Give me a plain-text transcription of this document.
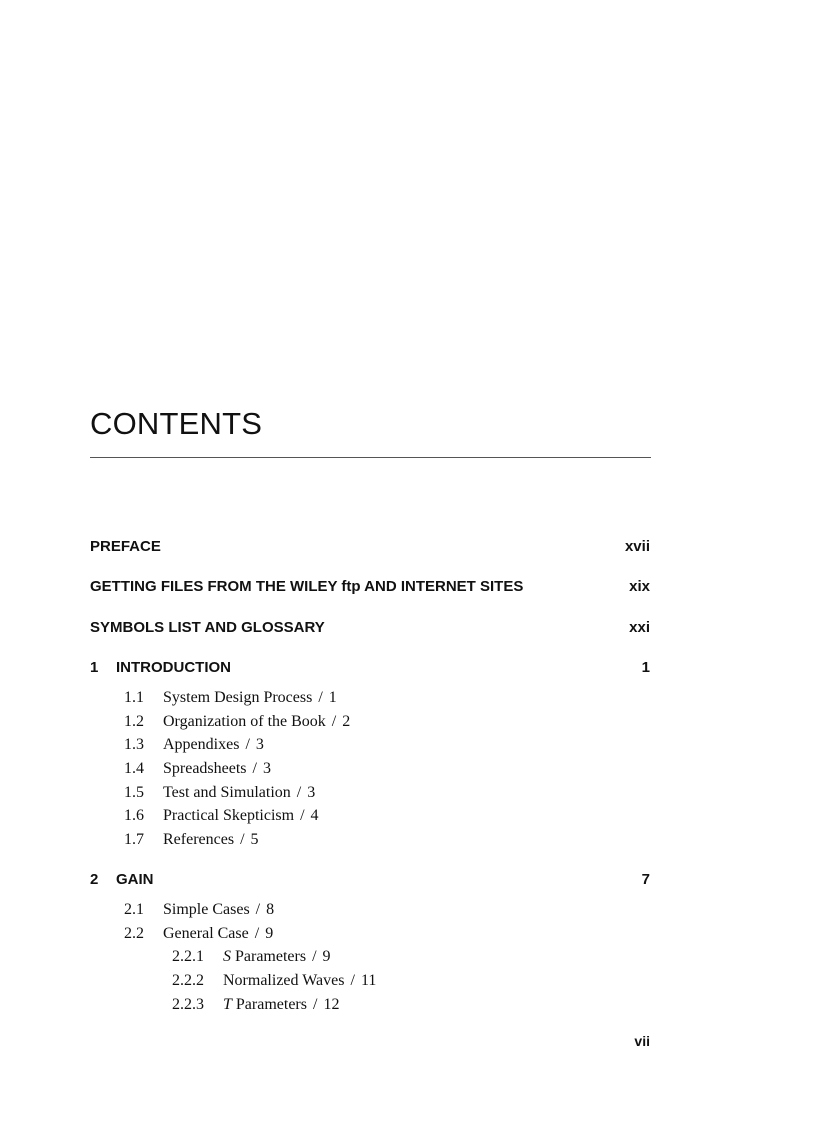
CONTENTS
PREFACE	xvii
GETTING FILES FROM THE WILEY ftp AND INTERNET SITES	xix
SYMBOLS LIST AND GLOSSARY	xxi
1 INTRODUCTION	1
1.1 System Design Process / 1
1.2 Organization of the Book / 2
1.3 Appendixes / 3
1.4 Spreadsheets / 3
1.5 Test and Simulation / 3
1.6 Practical Skepticism / 4
1.7 References / 5
2 GAIN	7
2.1 Simple Cases / 8
2.2 General Case / 9
2.2.1 S Parameters / 9
2.2.2 Normalized Waves / 11
2.2.3 T Parameters / 12
vii
